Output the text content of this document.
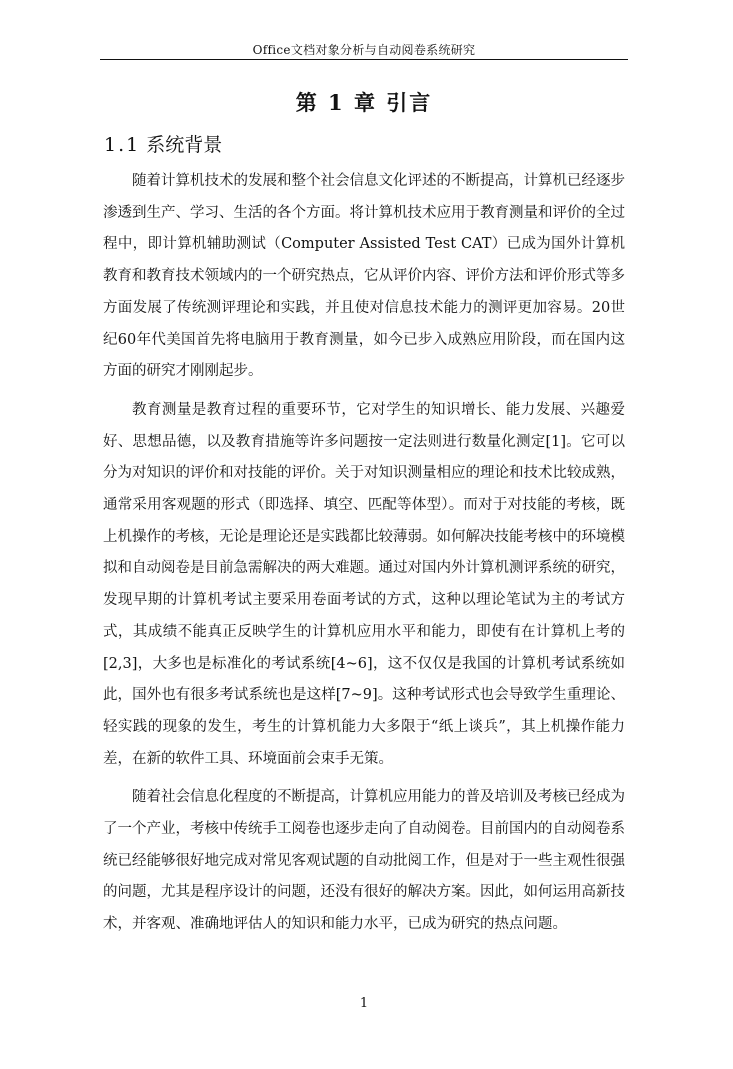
Office文档对象分析与自动阅卷系统研究
第 1 章 引言
1.1 系统背景

随着计算机技术的发展和整个社会信息文化评述的不断提高，计算机已经逐步渗透到生产、学习、生活的各个方面。将计算机技术应用于教育测量和评价的全过程中，即计算机辅助测试（Computer Assisted Test CAT）已成为国外计算机教育和教育技术领域内的一个研究热点，它从评价内容、评价方法和评价形式等多方面发展了传统测评理论和实践，并且使对信息技术能力的测评更加容易。20世纪60年代美国首先将电脑用于教育测量，如今已步入成熟应用阶段，而在国内这方面的研究才刚刚起步。

教育测量是教育过程的重要环节，它对学生的知识增长、能力发展、兴趣爱好、思想品德，以及教育措施等许多问题按一定法则进行数量化测定[1]。它可以分为对知识的评价和对技能的评价。关于对知识测量相应的理论和技术比较成熟，通常采用客观题的形式（即选择、填空、匹配等体型）。而对于对技能的考核，既上机操作的考核，无论是理论还是实践都比较薄弱。如何解决技能考核中的环境模拟和自动阅卷是目前急需解决的两大难题。通过对国内外计算机测评系统的研究，发现早期的计算机考试主要采用卷面考试的方式，这种以理论笔试为主的考试方式，其成绩不能真正反映学生的计算机应用水平和能力，即使有在计算机上考的[2,3]，大多也是标准化的考试系统[4~6]，这不仅仅是我国的计算机考试系统如此，国外也有很多考试系统也是这样[7~9]。这种考试形式也会导致学生重理论、轻实践的现象的发生，考生的计算机能力大多限于“纸上谈兵”，其上机操作能力差，在新的软件工具、环境面前会束手无策。

随着社会信息化程度的不断提高，计算机应用能力的普及培训及考核已经成为了一个产业，考核中传统手工阅卷也逐步走向了自动阅卷。目前国内的自动阅卷系统已经能够很好地完成对常见客观试题的自动批阅工作，但是对于一些主观性很强的问题，尤其是程序设计的问题，还没有很好的解决方案。因此，如何运用高新技术，并客观、准确地评估人的知识和能力水平，已成为研究的热点问题。

1
